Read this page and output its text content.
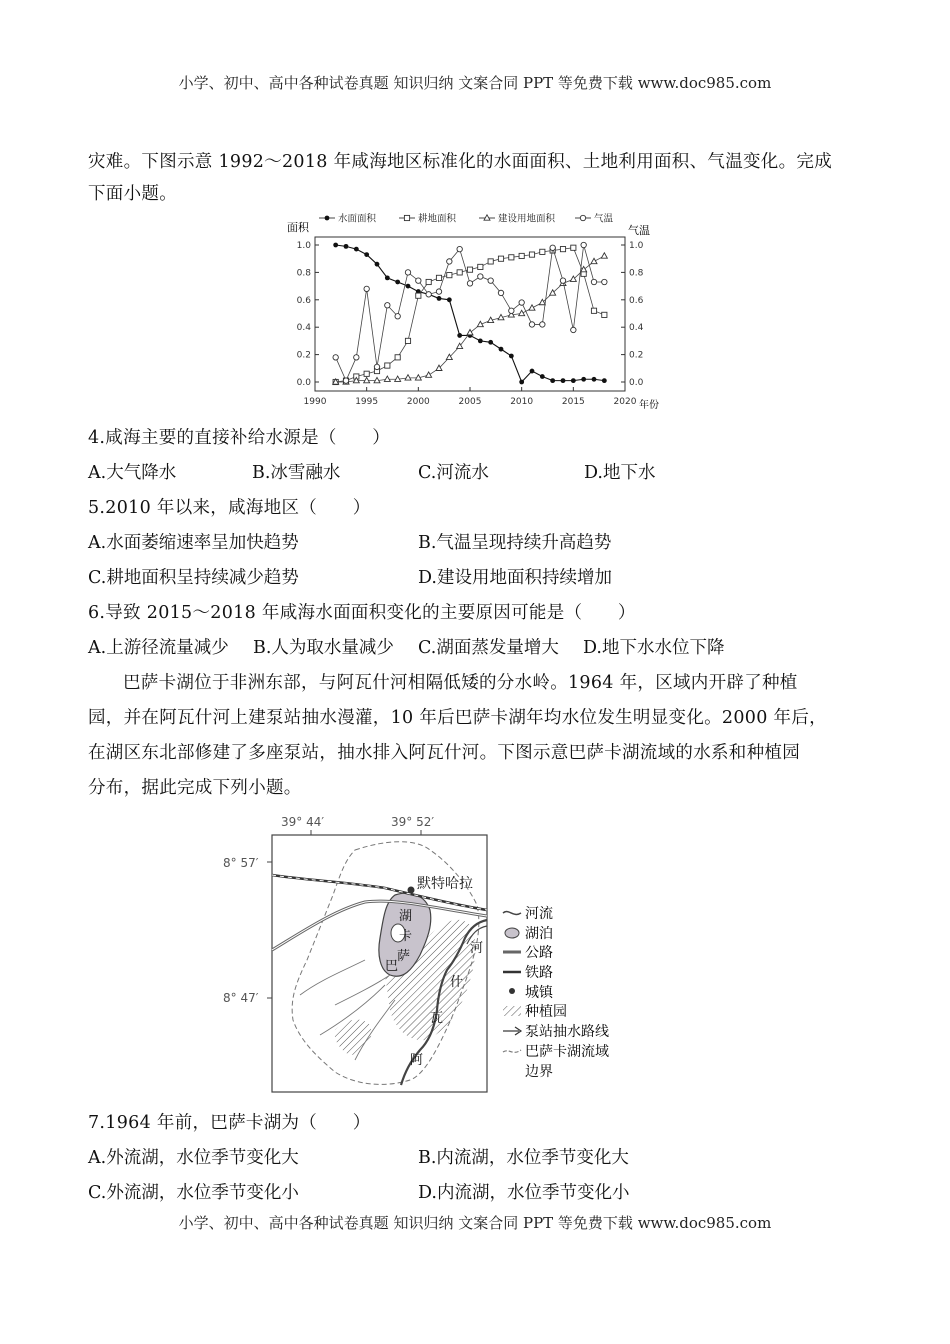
小学、初中、高中各种试卷真题 知识归纳 文案合同 PPT 等免费下载 www.doc985.com
灾难。下图示意 1992～2018 年咸海地区标准化的水面面积、土地利用面积、气温变化。完成
下面小题。
水面面积	耕地面积	建设用地面积	气温
面积	气温
年份
1990	1995	2000	2005	2010	2015	2020
1.0
0.8
0.6
0.4
0.2
0.0
1.0
0.8
0.6
0.4
0.2
0.0
4.咸海主要的直接补给水源是（　　）
A.大气降水	B.冰雪融水	C.河流水	D.地下水
5.2010 年以来，咸海地区（　　）
A.水面萎缩速率呈加快趋势	B.气温呈现持续升高趋势
C.耕地面积呈持续减少趋势	D.建设用地面积持续增加
6.导致 2015～2018 年咸海水面面积变化的主要原因可能是（　　）
A.上游径流量减少 B.人为取水量减少 C.湖面蒸发量增大 D.地下水水位下降
巴萨卡湖位于非洲东部，与阿瓦什河相隔低矮的分水岭。1964 年，区域内开辟了种植
园，并在阿瓦什河上建泵站抽水漫灌，10 年后巴萨卡湖年均水位发生明显变化。2000 年后，
在湖区东北部修建了多座泵站，抽水排入阿瓦什河。下图示意巴萨卡湖流域的水系和种植园
分布，据此完成下列小题。
39° 44′	39° 52′
8° 57′
8° 47′
默特哈拉
湖
卡
萨
巴
河
什
瓦
阿
河流
湖泊
公路
铁路
城镇
种植园
泵站抽水路线
巴萨卡湖流域
边界
7.1964 年前，巴萨卡湖为（　　）
A.外流湖，水位季节变化大	B.内流湖，水位季节变化大
C.外流湖，水位季节变化小	D.内流湖，水位季节变化小
小学、初中、高中各种试卷真题 知识归纳 文案合同 PPT 等免费下载 www.doc985.com
